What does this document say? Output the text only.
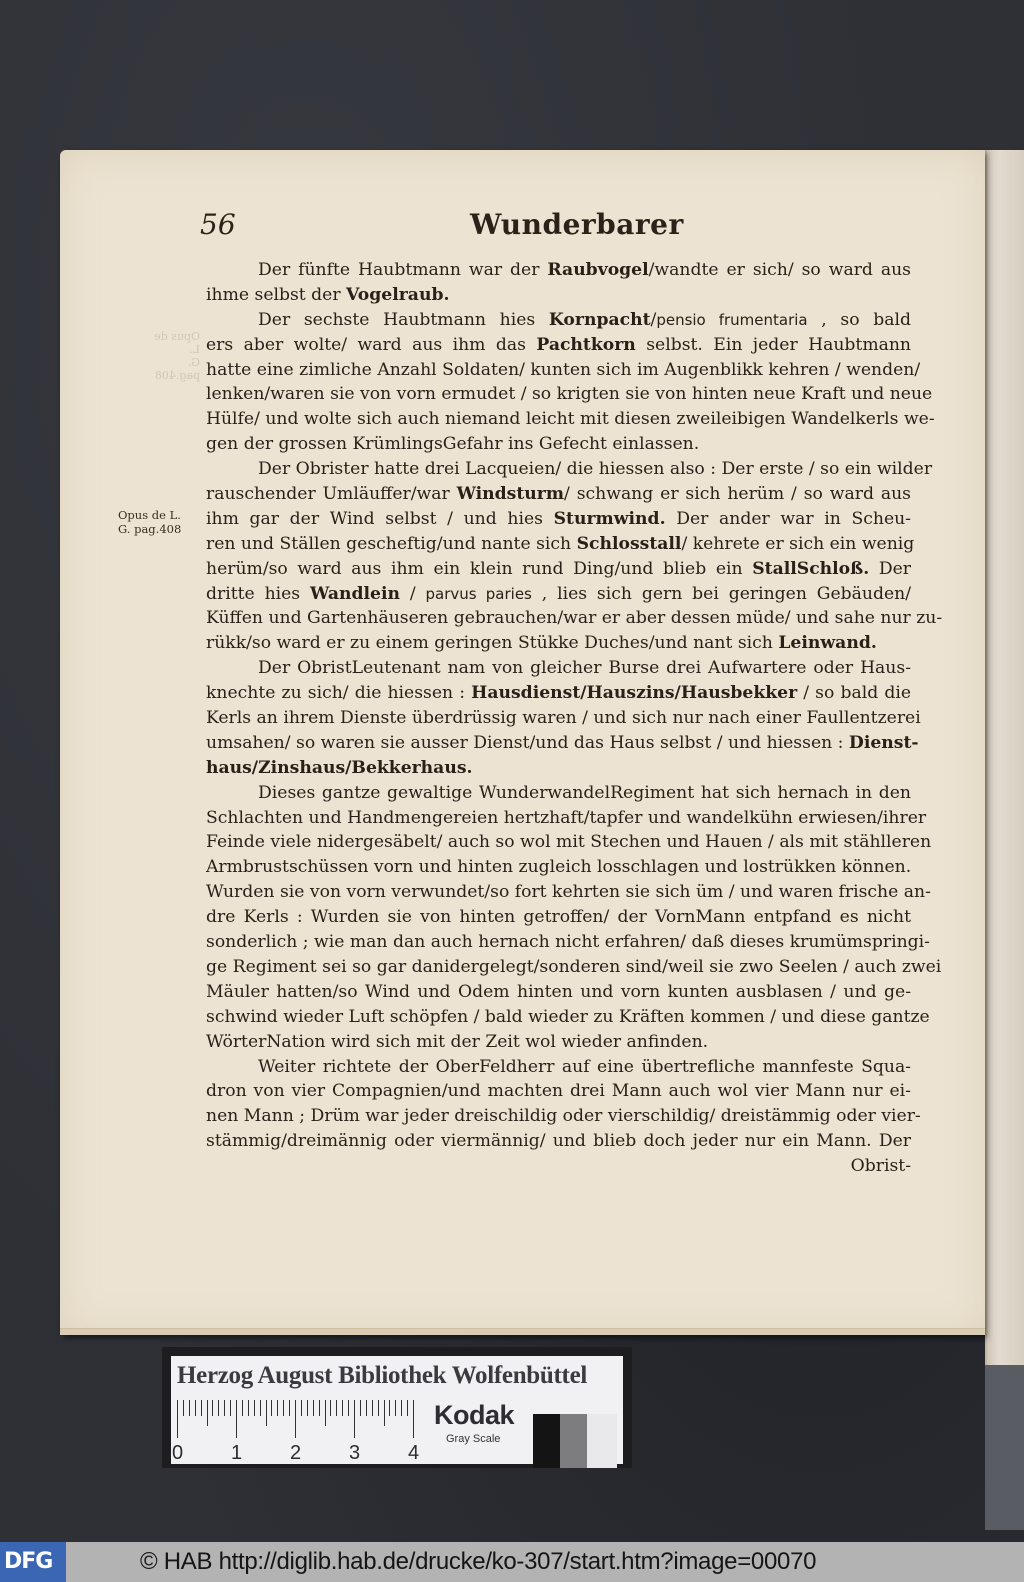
56	Wunderbarer
Opus de L.
G. pag.408
Opus de L.
G. pag.408
Der fünfte Haubtmann war der Raubvogel/wandte er sich/ so ward aus
ihme selbst der Vogelraub.
Der sechste Haubtmann hies Kornpacht/pensio frumentaria , so bald
ers aber wolte/ ward aus ihm das Pachtkorn selbst. Ein jeder Haubtmann
hatte eine zimliche Anzahl Soldaten/ kunten sich im Augenblikk kehren / wenden/
lenken/waren sie von vorn ermudet / so krigten sie von hinten neue Kraft und neue
Hülfe/ und wolte sich auch niemand leicht mit diesen zweileibigen Wandelkerls we-
gen der grossen KrümlingsGefahr ins Gefecht einlassen.
Der Obrister hatte drei Lacqueien/ die hiessen also : Der erste / so ein wilder
rauschender Umläuffer/war Windsturm/ schwang er sich herüm / so ward aus
ihm gar der Wind selbst / und hies Sturmwind. Der ander war in Scheu-
ren und Ställen gescheftig/und nante sich Schlosstall/ kehrete er sich ein wenig
herüm/so ward aus ihm ein klein rund Ding/und blieb ein StallSchloß. Der
dritte hies Wandlein / parvus paries , lies sich gern bei geringen Gebäuden/
Küffen und Gartenhäuseren gebrauchen/war er aber dessen müde/ und sahe nur zu-
rükk/so ward er zu einem geringen Stükke Duches/und nant sich Leinwand.
Der ObristLeutenant nam von gleicher Burse drei Aufwartere oder Haus-
knechte zu sich/ die hiessen : Hausdienst/Hauszins/Hausbekker / so bald die
Kerls an ihrem Dienste überdrüssig waren / und sich nur nach einer Faullentzerei
umsahen/ so waren sie ausser Dienst/und das Haus selbst / und hiessen : Dienst-
haus/Zinshaus/Bekkerhaus.
Dieses gantze gewaltige WunderwandelRegiment hat sich hernach in den
Schlachten und Handmengereien hertzhaft/tapfer und wandelkühn erwiesen/ihrer
Feinde viele nidergesäbelt/ auch so wol mit Stechen und Hauen / als mit stählleren
Armbrustschüssen vorn und hinten zugleich losschlagen und lostrükken können.
Wurden sie von vorn verwundet/so fort kehrten sie sich üm / und waren frische an-
dre Kerls : Wurden sie von hinten getroffen/ der VornMann entpfand es nicht
sonderlich ; wie man dan auch hernach nicht erfahren/ daß dieses krumümspringi-
ge Regiment sei so gar danidergelegt/sonderen sind/weil sie zwo Seelen / auch zwei
Mäuler hatten/so Wind und Odem hinten und vorn kunten ausblasen / und ge-
schwind wieder Luft schöpfen / bald wieder zu Kräften kommen / und diese gantze
WörterNation wird sich mit der Zeit wol wieder anfinden.
Weiter richtete der OberFeldherr auf eine übertrefliche mannfeste Squa-
dron von vier Compagnien/und machten drei Mann auch wol vier Mann nur ei-
nen Mann ; Drüm war jeder dreischildig oder vierschildig/ dreistämmig oder vier-
stämmig/dreimännig oder viermännig/ und blieb doch jeder nur ein Mann. Der
Obrist-
Herzog August Bibliothek Wolfenbüttel
0 1 2 3 4
Kodak
Gray Scale
DFG	© HAB http://diglib.hab.de/drucke/ko-307/start.htm?image=00070
